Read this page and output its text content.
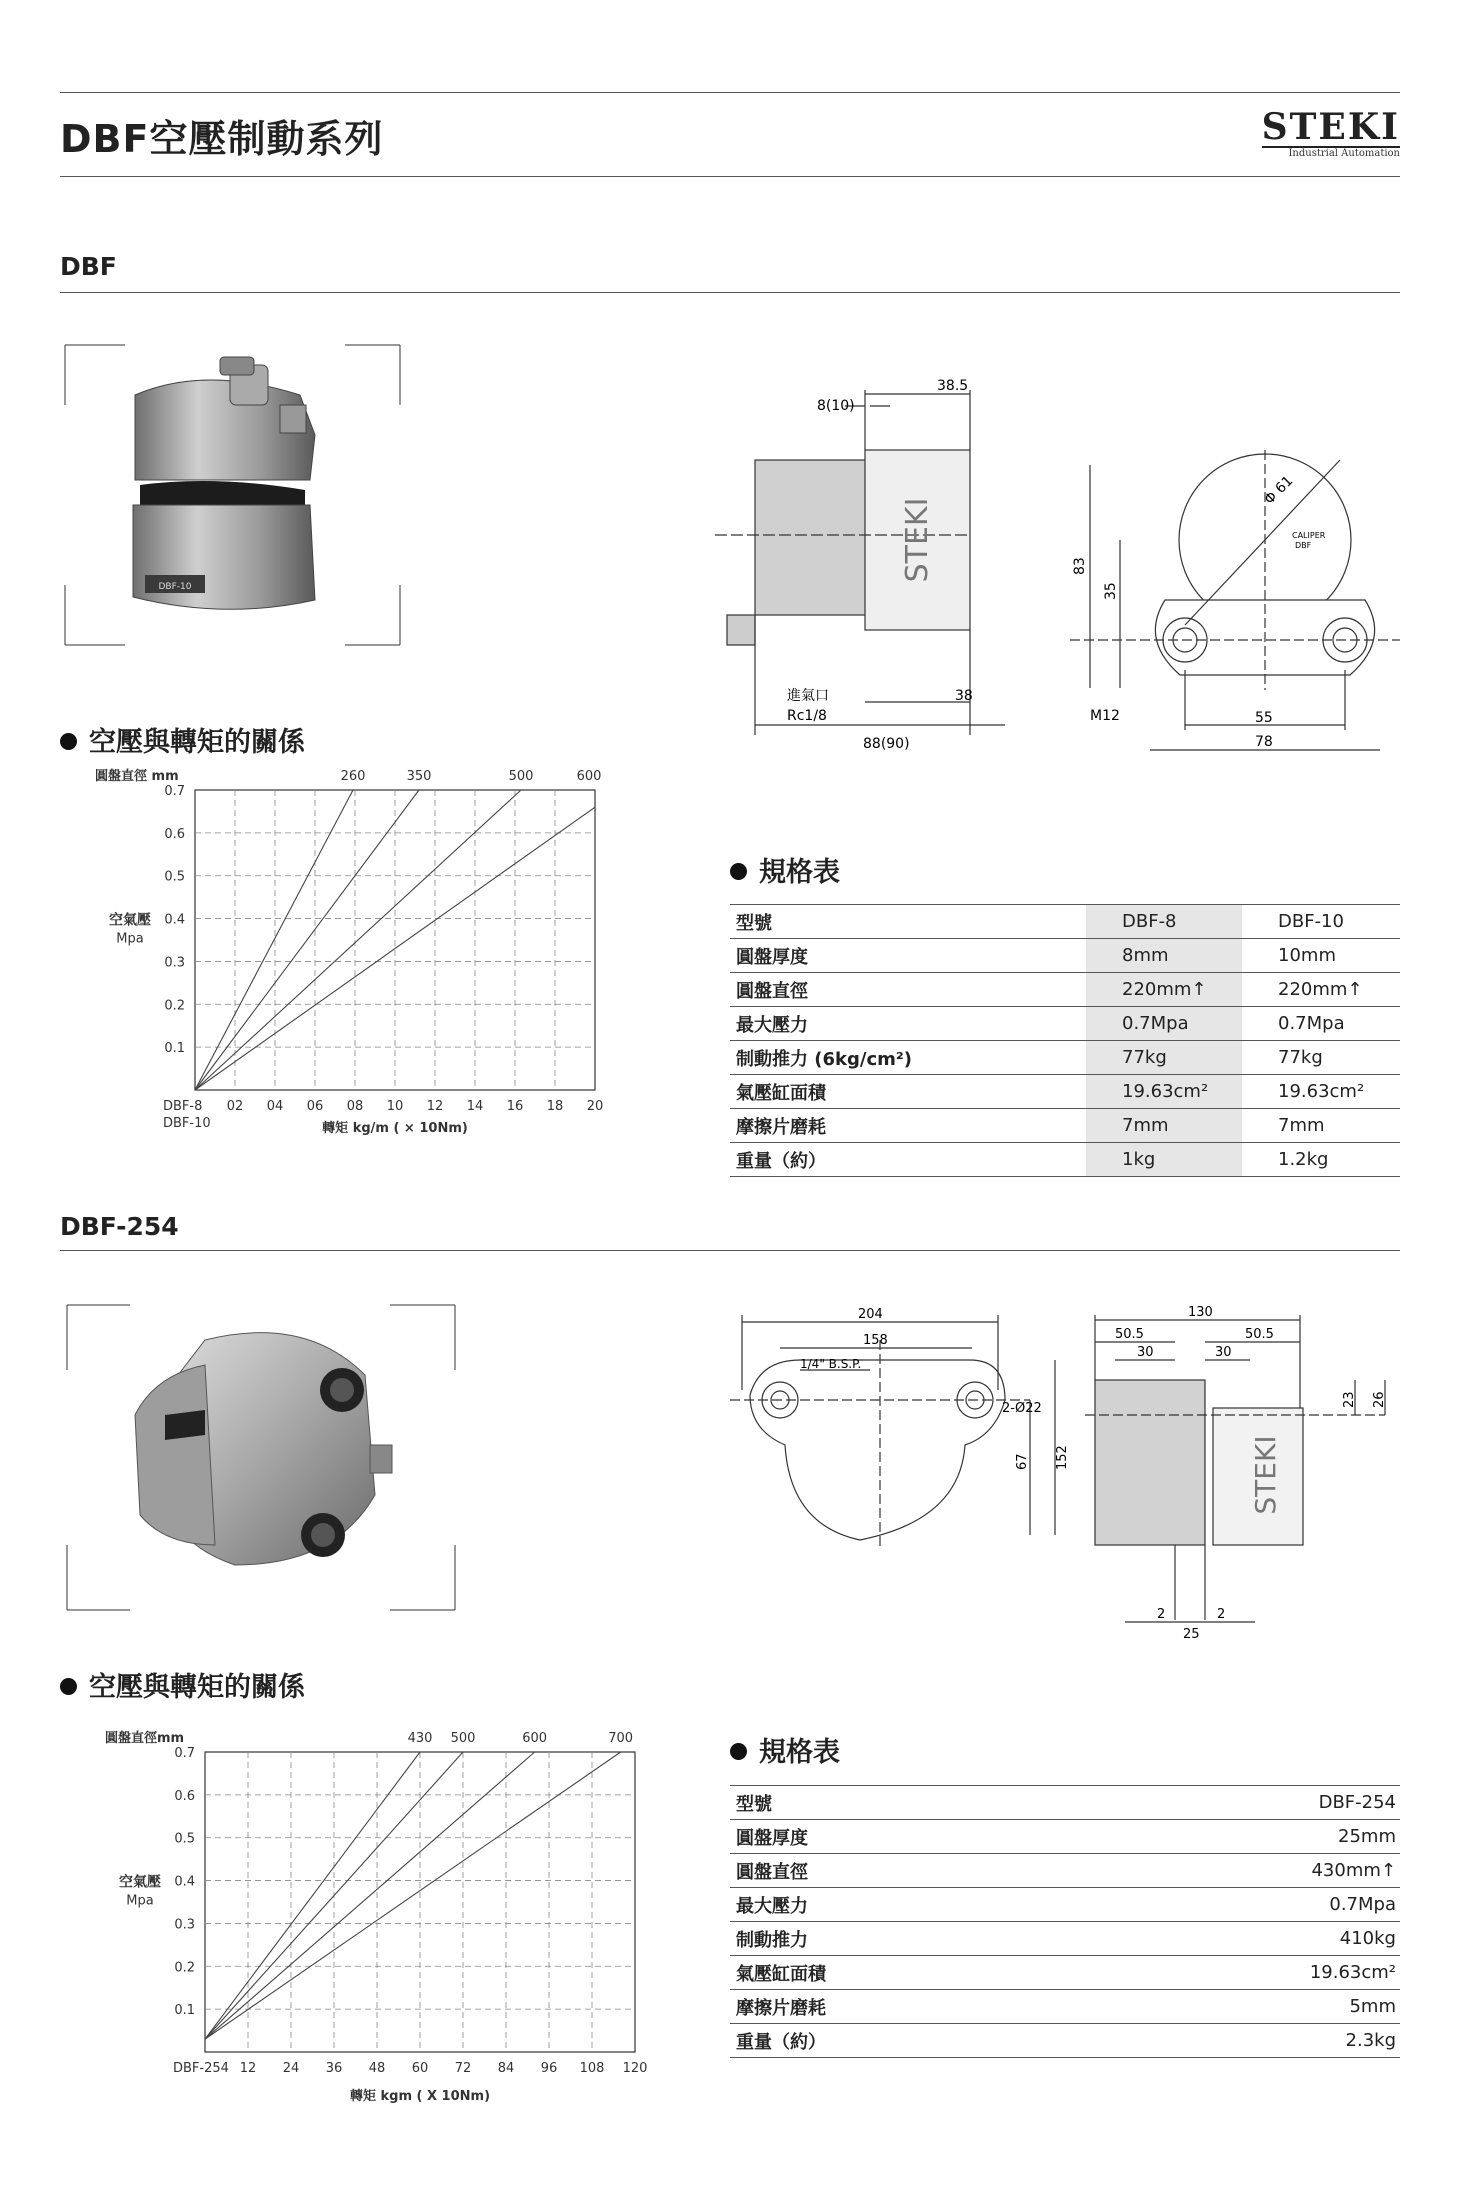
DBF空壓制動系列	STEKI
Industrial Automation
DBF
DBF-10
38.5
8(10)
38
88(90)
進氣口
Rc1/8
STEKI
Φ 61
CALIPER
DBF
83
35
M12	55
78
空壓與轉矩的關係
0.1
0.2
0.3
0.4
0.5
0.6
0.7
02 04 06 08 10 12 14 16 18 20
DBF-8
DBF-10
260	350	500	600
圓盤直徑 mm
空氣壓
Mpa
轉矩 kg/m ( × 10Nm)
規格表
型號	DBF-8	DBF-10
圓盤厚度	8mm	10mm
圓盤直徑	220mm↑	220mm↑
最大壓力	0.7Mpa	0.7Mpa
制動推力 (6kg/cm²)	77kg	77kg
氣壓缸面積	19.63cm²	19.63cm²
摩擦片磨耗	7mm	7mm
重量（約）	1kg	1.2kg
DBF-254
204
158
1/4" B.S.P.
2-Ø22
67 152
130
50.5	50.5
30	30
23 26
2	2
25
STEKI
空壓與轉矩的關係
0.1
0.2
0.3
0.4
0.5
0.6
0.7
12 24 36 48 60 72 84 96 108 120
DBF-254
430 500	600	700
圓盤直徑mm
空氣壓
Mpa
轉矩 kgm ( X 10Nm)
規格表
型號	DBF-254
圓盤厚度	25mm
圓盤直徑	430mm↑
最大壓力	0.7Mpa
制動推力	410kg
氣壓缸面積	19.63cm²
摩擦片磨耗	5mm
重量（約）	2.3kg
